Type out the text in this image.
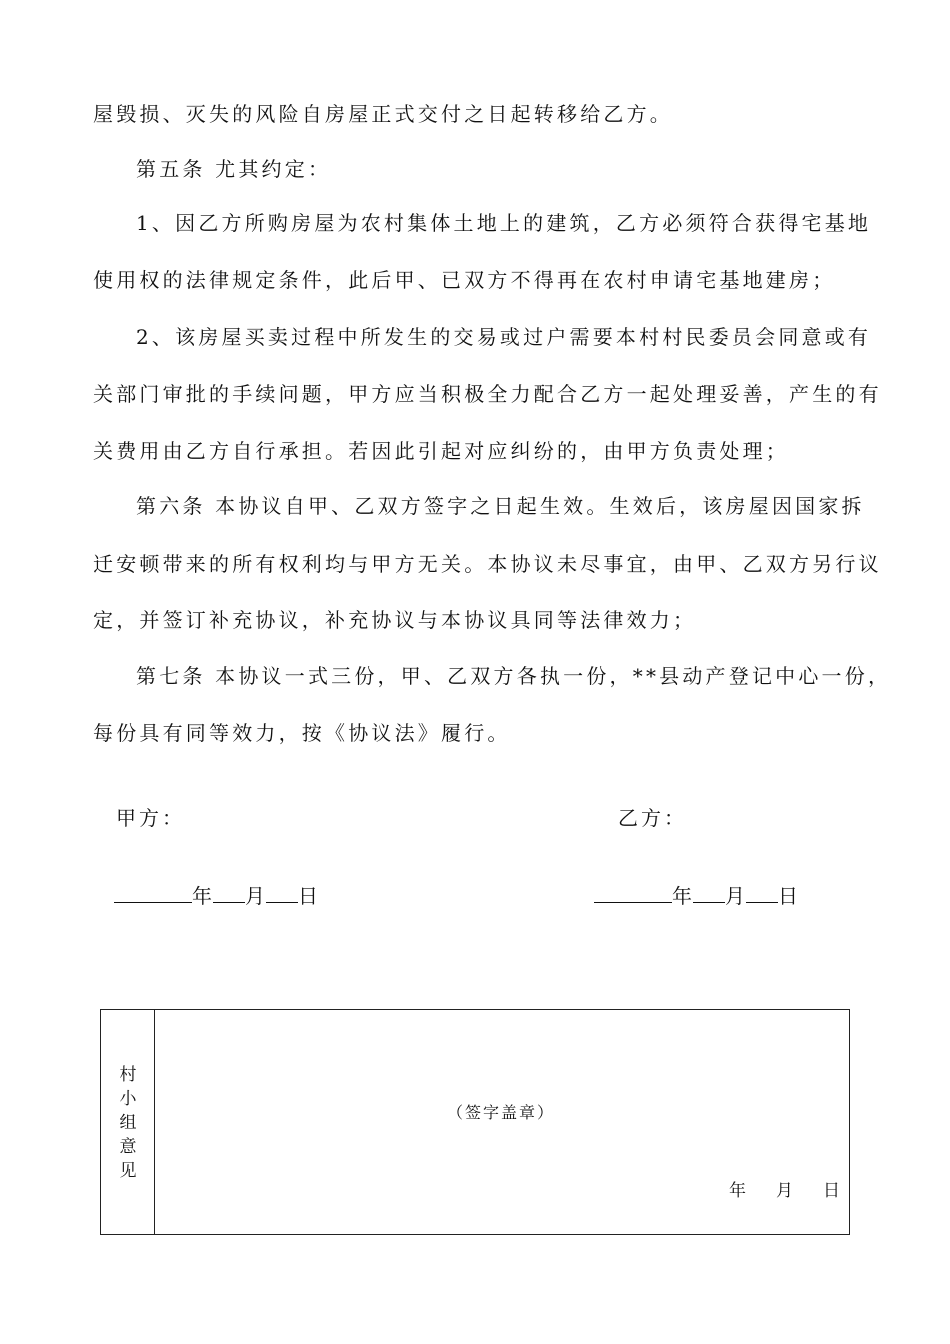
屋毁损、灭失的风险自房屋正式交付之日起转移给乙方。
第五条 尤其约定：
1、因乙方所购房屋为农村集体土地上的建筑，乙方必须符合获得宅基地
使用权的法律规定条件，此后甲、已双方不得再在农村申请宅基地建房；
2、该房屋买卖过程中所发生的交易或过户需要本村村民委员会同意或有
关部门审批的手续问题，甲方应当积极全力配合乙方一起处理妥善，产生的有
关费用由乙方自行承担。若因此引起对应纠纷的，由甲方负责处理；
第六条 本协议自甲、乙双方签字之日起生效。生效后，该房屋因国家拆
迁安顿带来的所有权利均与甲方无关。本协议未尽事宜，由甲、乙双方另行议
定，并签订补充协议，补充协议与本协议具同等法律效力；
第七条 本协议一式三份，甲、乙双方各执一份，**县动产登记中心一份，
每份具有同等效力，按《协议法》履行。
甲方：	乙方：
年 月 日	年 月 日
村小组意见
（签字盖章）
年 月 日
